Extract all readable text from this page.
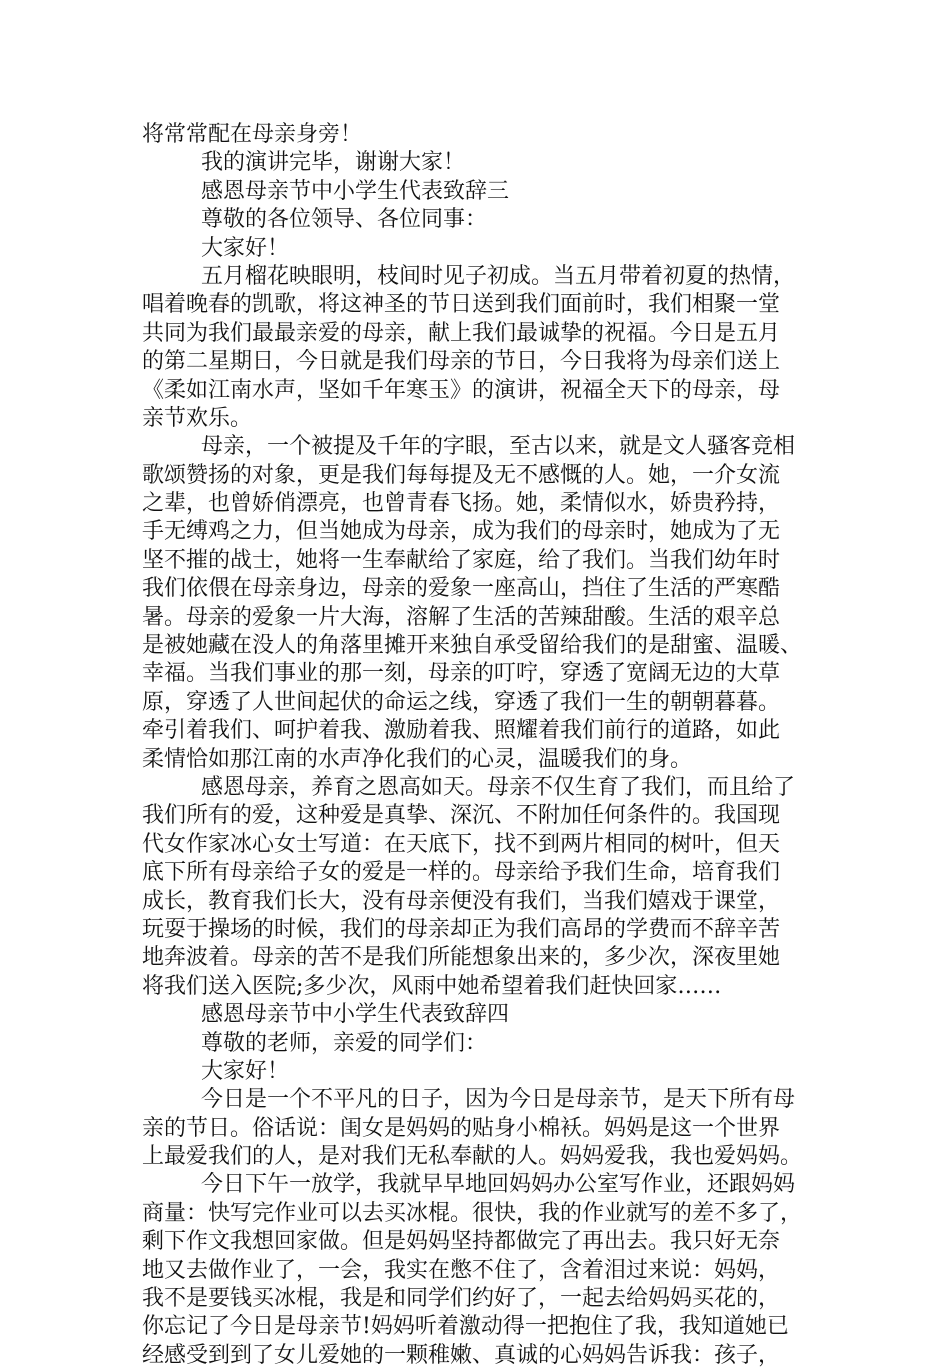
将常常配在母亲身旁！
我的演讲完毕，谢谢大家！
感恩母亲节中小学生代表致辞三
尊敬的各位领导、各位同事：
大家好！
五月榴花映眼明，枝间时见子初成。当五月带着初夏的热情，
唱着晚春的凯歌，将这神圣的节日送到我们面前时，我们相聚一堂
共同为我们最最亲爱的母亲，献上我们最诚挚的祝福。今日是五月
的第二星期日，今日就是我们母亲的节日，今日我将为母亲们送上
《柔如江南水声，坚如千年寒玉》的演讲，祝福全天下的母亲，母
亲节欢乐。
母亲，一个被提及千年的字眼，至古以来，就是文人骚客竞相
歌颂赞扬的对象，更是我们每每提及无不感慨的人。她，一介女流
之辈，也曾娇俏漂亮，也曾青春飞扬。她，柔情似水，娇贵矜持，
手无缚鸡之力，但当她成为母亲，成为我们的母亲时，她成为了无
坚不摧的战士，她将一生奉献给了家庭，给了我们。当我们幼年时
我们依偎在母亲身边，母亲的爱象一座高山，挡住了生活的严寒酷
暑。母亲的爱象一片大海，溶解了生活的苦辣甜酸。生活的艰辛总
是被她藏在没人的角落里摊开来独自承受留给我们的是甜蜜、温暖、
幸福。当我们事业的那一刻，母亲的叮咛，穿透了宽阔无边的大草
原，穿透了人世间起伏的命运之线，穿透了我们一生的朝朝暮暮。
牵引着我们、呵护着我、激励着我、照耀着我们前行的道路，如此
柔情恰如那江南的水声净化我们的心灵，温暖我们的身。
感恩母亲，养育之恩高如天。母亲不仅生育了我们，而且给了
我们所有的爱，这种爱是真挚、深沉、不附加任何条件的。我国现
代女作家冰心女士写道：在天底下，找不到两片相同的树叶，但天
底下所有母亲给子女的爱是一样的。母亲给予我们生命，培育我们
成长，教育我们长大，没有母亲便没有我们，当我们嬉戏于课堂，
玩耍于操场的时候，我们的母亲却正为我们高昂的学费而不辞辛苦
地奔波着。母亲的苦不是我们所能想象出来的，多少次，深夜里她
将我们送入医院;多少次，风雨中她希望着我们赶快回家……
感恩母亲节中小学生代表致辞四
尊敬的老师，亲爱的同学们：
大家好！
今日是一个不平凡的日子，因为今日是母亲节，是天下所有母
亲的节日。俗话说：闺女是妈妈的贴身小棉袄。妈妈是这一个世界
上最爱我们的人，是对我们无私奉献的人。妈妈爱我，我也爱妈妈。
今日下午一放学，我就早早地回妈妈办公室写作业，还跟妈妈
商量：快写完作业可以去买冰棍。很快，我的作业就写的差不多了，
剩下作文我想回家做。但是妈妈坚持都做完了再出去。我只好无奈
地又去做作业了，一会，我实在憋不住了，含着泪过来说：妈妈，
我不是要钱买冰棍，我是和同学们约好了，一起去给妈妈买花的，
你忘记了今日是母亲节!妈妈听着激动得一把抱住了我，我知道她已
经感受到到了女儿爱她的一颗稚嫩、真诚的心妈妈告诉我：孩子，
